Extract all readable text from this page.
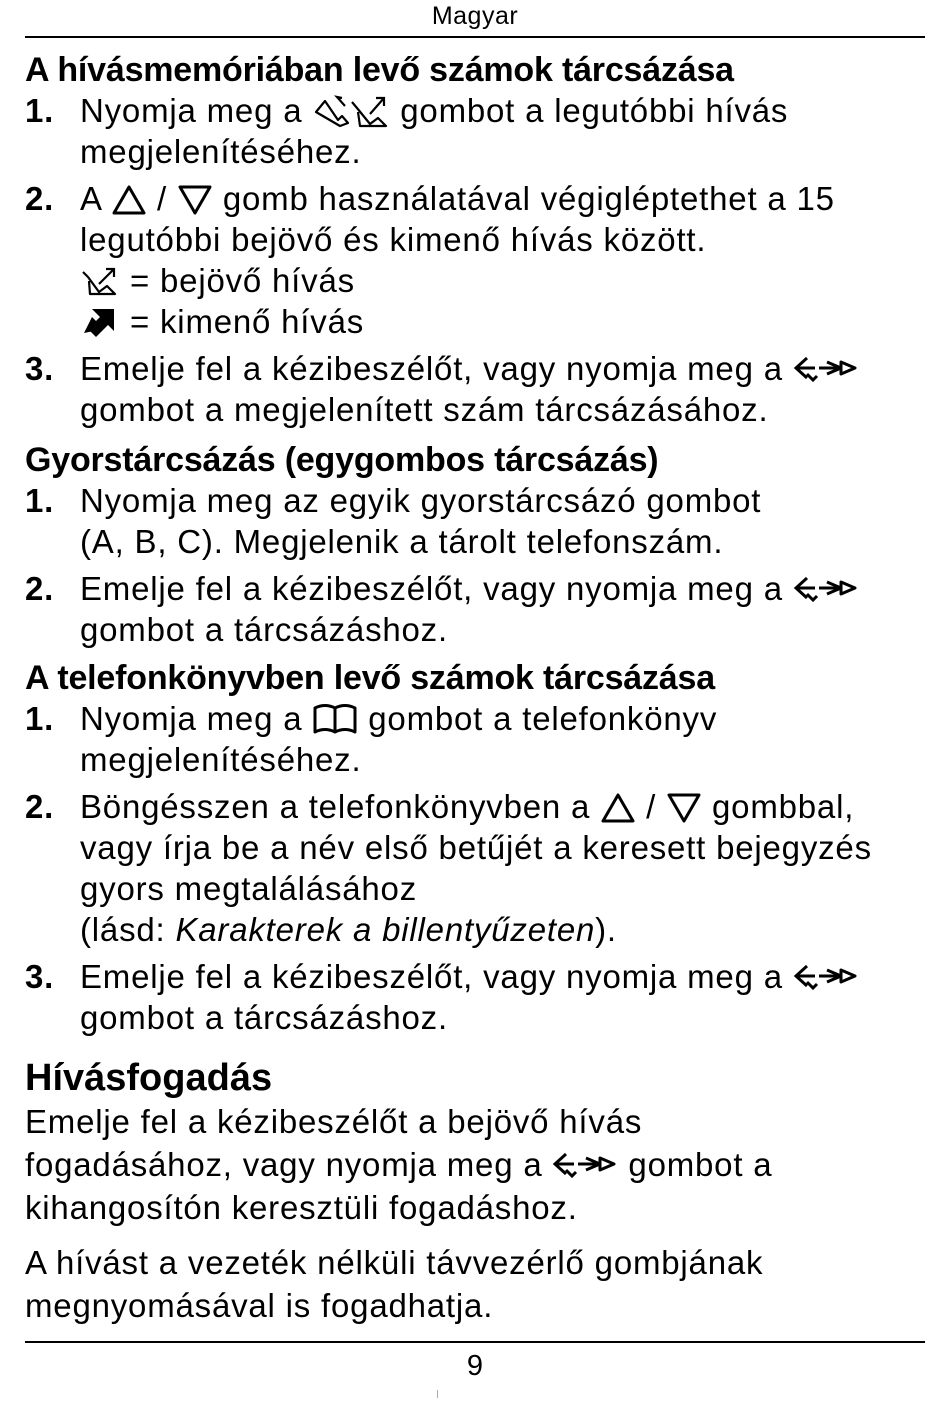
Magyar
A hívásmemóriában levő számok tárcsázása
1. Nyomja meg a	gombot a legutóbbi hívás

megjelenítéséhez.

2. A / gomb használatával végigléptethet a 15

legutóbbi bejövő és kimenő hívás között.

= bejövő hívás
= kimenő hívás
3. Emelje fel a kézibeszélőt, vagy nyomja meg a

gombot a megjelenített szám tárcsázásához.

Gyorstárcsázás (egygombos tárcsázás)
1. Nyomja meg az egyik gyorstárcsázó gombot

(A, B, C). Megjelenik a tárolt telefonszám.

2. Emelje fel a kézibeszélőt, vagy nyomja meg a

gombot a tárcsázáshoz.

A telefonkönyvben levő számok tárcsázása
1. Nyomja meg a gombot a telefonkönyv

megjelenítéséhez.

2. Böngésszen a telefonkönyvben a / gombbal,

vagy írja be a név első betűjét a keresett bejegyzés

gyors megtalálásához

(lásd: Karakterek a billentyűzeten).

3. Emelje fel a kézibeszélőt, vagy nyomja meg a

gombot a tárcsázáshoz.

Hívásfogadás

Emelje fel a kézibeszélőt a bejövő hívás

fogadásához, vagy nyomja meg a	gombot a

kihangosítón keresztüli fogadáshoz.

A hívást a vezeték nélküli távvezérlő gombjának

megnyomásával is fogadhatja.

9
